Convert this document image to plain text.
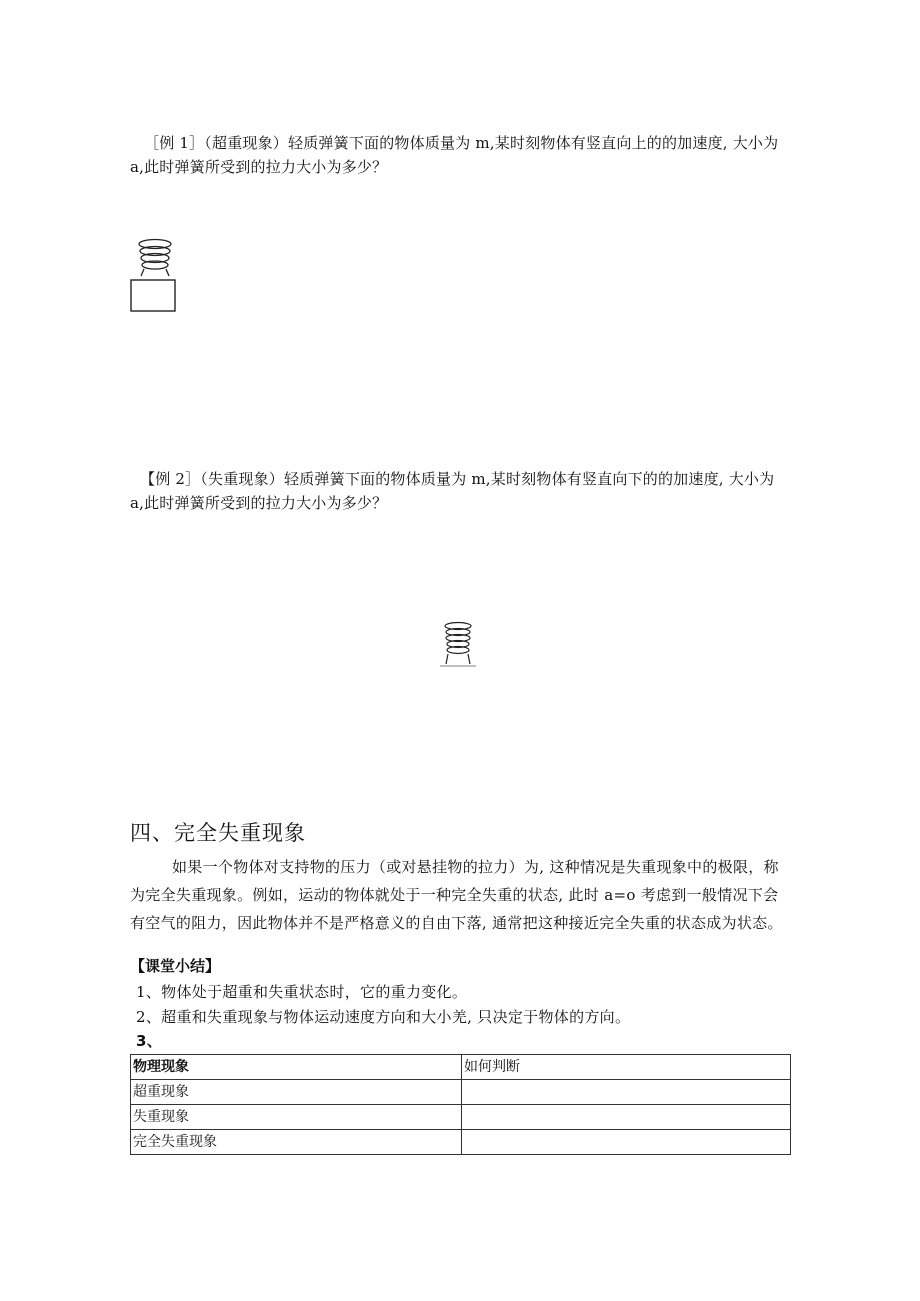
［例 1］（超重现象）轻质弹簧下面的物体质量为 m,某时刻物体有竖直向上的的加速度, 大小为 a,此时弹簧所受到的拉力大小为多少？
【例 2］（失重现象）轻质弹簧下面的物体质量为 m,某时刻物体有竖直向下的的加速度, 大小为 a,此时弹簧所受到的拉力大小为多少？
四、完全失重现象
如果一个物体对支持物的压力（或对悬挂物的拉力）为, 这种情况是失重现象中的极限，称为完全失重现象。例如，运动的物体就处于一种完全失重的状态, 此时 a=o 考虑到一般情况下会有空气的阻力，因此物体并不是严格意义的自由下落, 通常把这种接近完全失重的状态成为状态。
【课堂小结】
1、物体处于超重和失重状态时，它的重力变化。
2、超重和失重现象与物体运动速度方向和大小羌, 只决定于物体的方向。
3、
物理现象	如何判断
超重现象	
失重现象	
完全失重现象	
